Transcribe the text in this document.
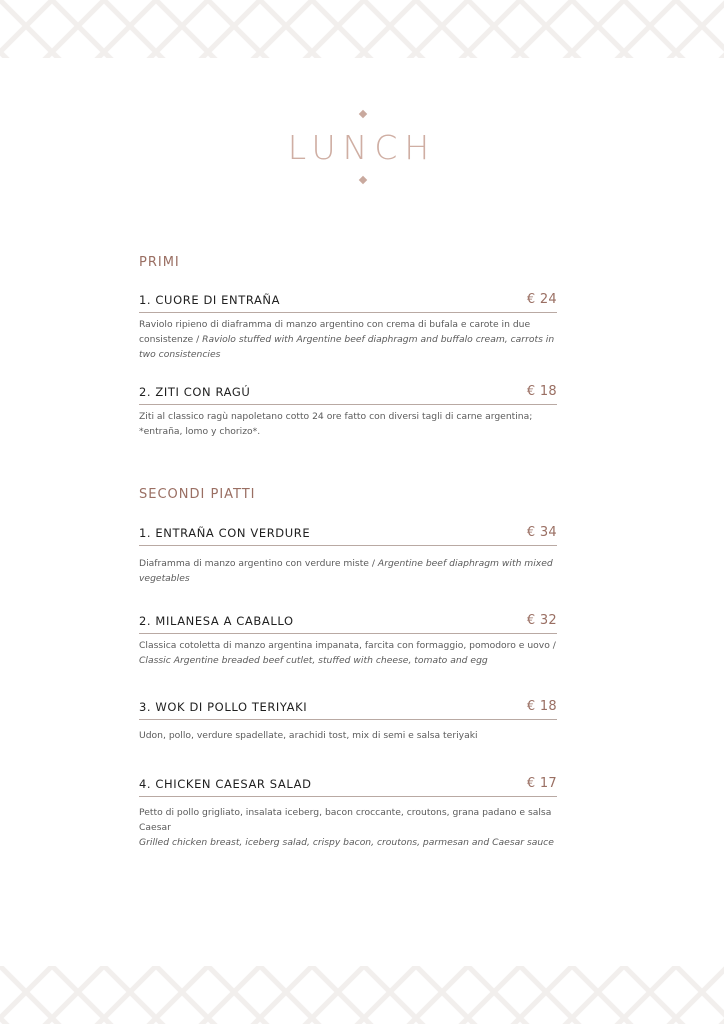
LUNCH
PRIMI
1. CUORE DI ENTRAÑA	€ 24
Raviolo ripieno di diaframma di manzo argentino con crema di bufala e carote in due consistenze / Raviolo stuffed with Argentine beef diaphragm and buffalo cream, carrots in two consistencies
2. ZITI CON RAGÚ	€ 18
Ziti al classico ragù napoletano cotto 24 ore fatto con diversi tagli di carne argentina; *entraña, lomo y chorizo*.
SECONDI PIATTI
1. ENTRAÑA CON VERDURE	€ 34
Diaframma di manzo argentino con verdure miste / Argentine beef diaphragm with mixed vegetables
2. MILANESA A CABALLO	€ 32
Classica cotoletta di manzo argentina impanata, farcita con formaggio, pomodoro e uovo / Classic Argentine breaded beef cutlet, stuffed with cheese, tomato and egg
3. WOK DI POLLO TERIYAKI	€ 18
Udon, pollo, verdure spadellate, arachidi tost, mix di semi e salsa teriyaki
4. CHICKEN CAESAR SALAD	€ 17
Petto di pollo grigliato, insalata iceberg, bacon croccante, croutons, grana padano e salsa Caesar
Grilled chicken breast, iceberg salad, crispy bacon, croutons, parmesan and Caesar sauce
